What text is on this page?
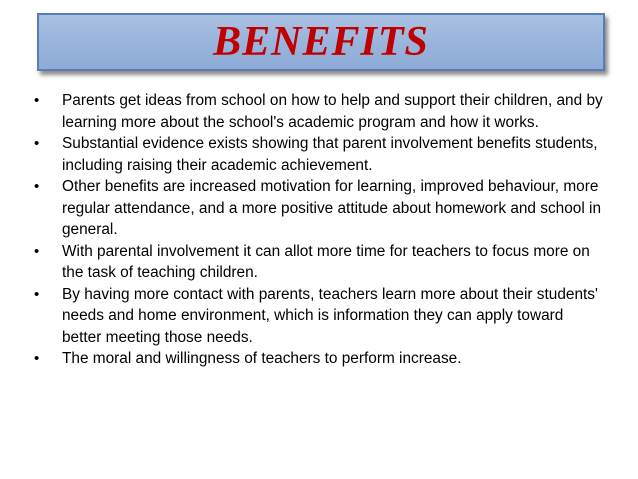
BENEFITS
• Parents get ideas from school on how to help and support their children, and by learning more about the school's academic program and how it works.
• Substantial evidence exists showing that parent involvement benefits students, including raising their academic achievement.
• Other benefits are increased motivation for learning, improved behaviour, more regular attendance, and a more positive attitude about homework and school in general.
• With parental involvement it can allot more time for teachers to focus more on the task of teaching children.
• By having more contact with parents, teachers learn more about their students' needs and home environment, which is information they can apply toward better meeting those needs.
• The moral and willingness of teachers to perform increase.
